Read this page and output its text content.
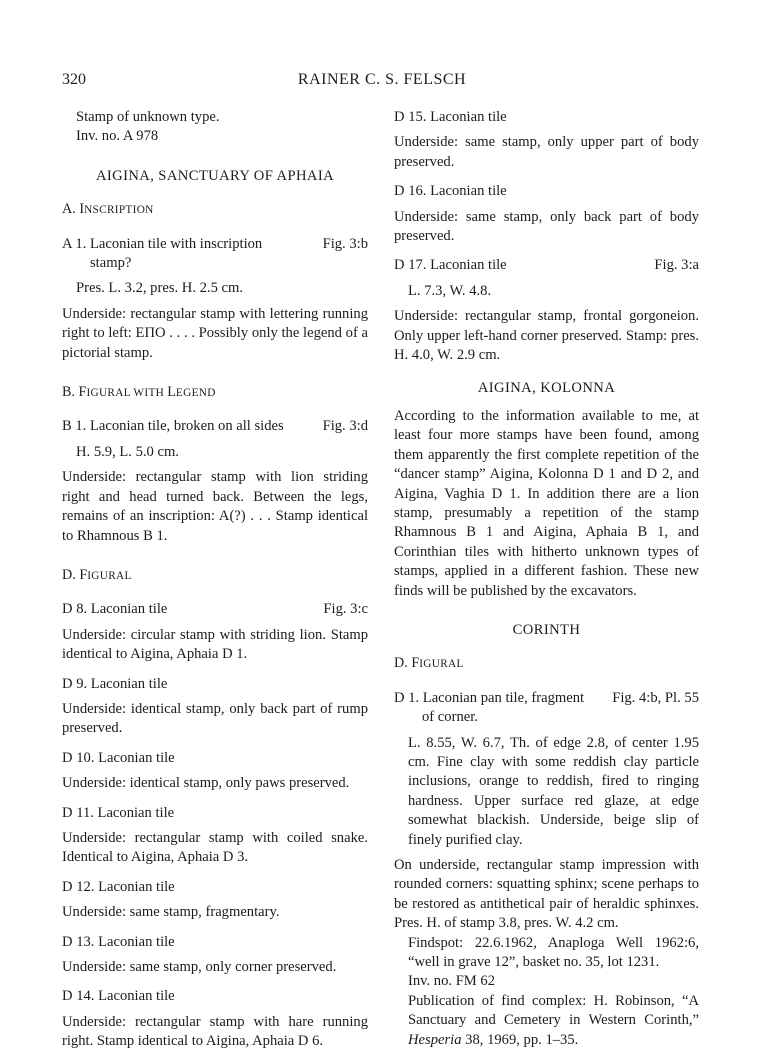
320	RAINER C. S. FELSCH

Stamp of unknown type.

Inv. no. A 978

AIGINA, SANCTUARY OF APHAIA

A. INSCRIPTION

A 1. Laconian tile with inscription	Fig. 3:b

stamp?

Pres. L. 3.2, pres. H. 2.5 cm.

Underside: rectangular stamp with lettering running right to left: ΕΠΟ . . . . Possibly only the legend of a pictorial stamp.

B. FIGURAL WITH LEGEND

B 1. Laconian tile, broken on all sides	Fig. 3:d

H. 5.9, L. 5.0 cm.

Underside: rectangular stamp with lion striding right and head turned back. Between the legs, remains of an inscription: A(?) . . . Stamp identical to Rhamnous B 1.

D. FIGURAL

D 8. Laconian tile	Fig. 3:c

Underside: circular stamp with striding lion. Stamp identical to Aigina, Aphaia D 1.

D 9. Laconian tile

Underside: identical stamp, only back part of rump preserved.

D 10. Laconian tile

Underside: identical stamp, only paws preserved.

D 11. Laconian tile

Underside: rectangular stamp with coiled snake. Identical to Aigina, Aphaia D 3.

D 12. Laconian tile

Underside: same stamp, fragmentary.

D 13. Laconian tile

Underside: same stamp, only corner preserved.

D 14. Laconian tile

Underside: rectangular stamp with hare running right. Stamp identical to Aigina, Aphaia D 6.

D 15. Laconian tile

Underside: same stamp, only upper part of body preserved.

D 16. Laconian tile

Underside: same stamp, only back part of body preserved.

D 17. Laconian tile	Fig. 3:a

L. 7.3, W. 4.8.

Underside: rectangular stamp, frontal gorgoneion. Only upper left-hand corner preserved. Stamp: pres. H. 4.0, W. 2.9 cm.

AIGINA, KOLONNA

According to the information available to me, at least four more stamps have been found, among them apparently the first complete repetition of the “dancer stamp” Aigina, Kolonna D 1 and D 2, and Aigina, Vaghia D 1. In addition there are a lion stamp, presumably a repetition of the stamp Rhamnous B 1 and Aigina, Aphaia B 1, and Corinthian tiles with hitherto unknown types of stamps, applied in a different fashion. These new finds will be published by the excavators.

CORINTH

D. FIGURAL

D 1. Laconian pan tile, fragment Fig. 4:b, Pl. 55

of corner.

L. 8.55, W. 6.7, Th. of edge 2.8, of center 1.95 cm. Fine clay with some reddish clay particle inclusions, orange to reddish, fired to ringing hardness. Upper surface red glaze, at edge somewhat blackish. Underside, beige slip of finely purified clay.

On underside, rectangular stamp impression with rounded corners: squatting sphinx; scene perhaps to be restored as antithetical pair of heraldic sphinxes. Pres. H. of stamp 3.8, pres. W. 4.2 cm.

Findspot: 22.6.1962, Anaploga Well 1962:6, “well in grave 12”, basket no. 35, lot 1231.

Inv. no. FM 62

Publication of find complex: H. Robinson, “A Sanctuary and Cemetery in Western Corinth,” Hesperia 38, 1969, pp. 1–35.
